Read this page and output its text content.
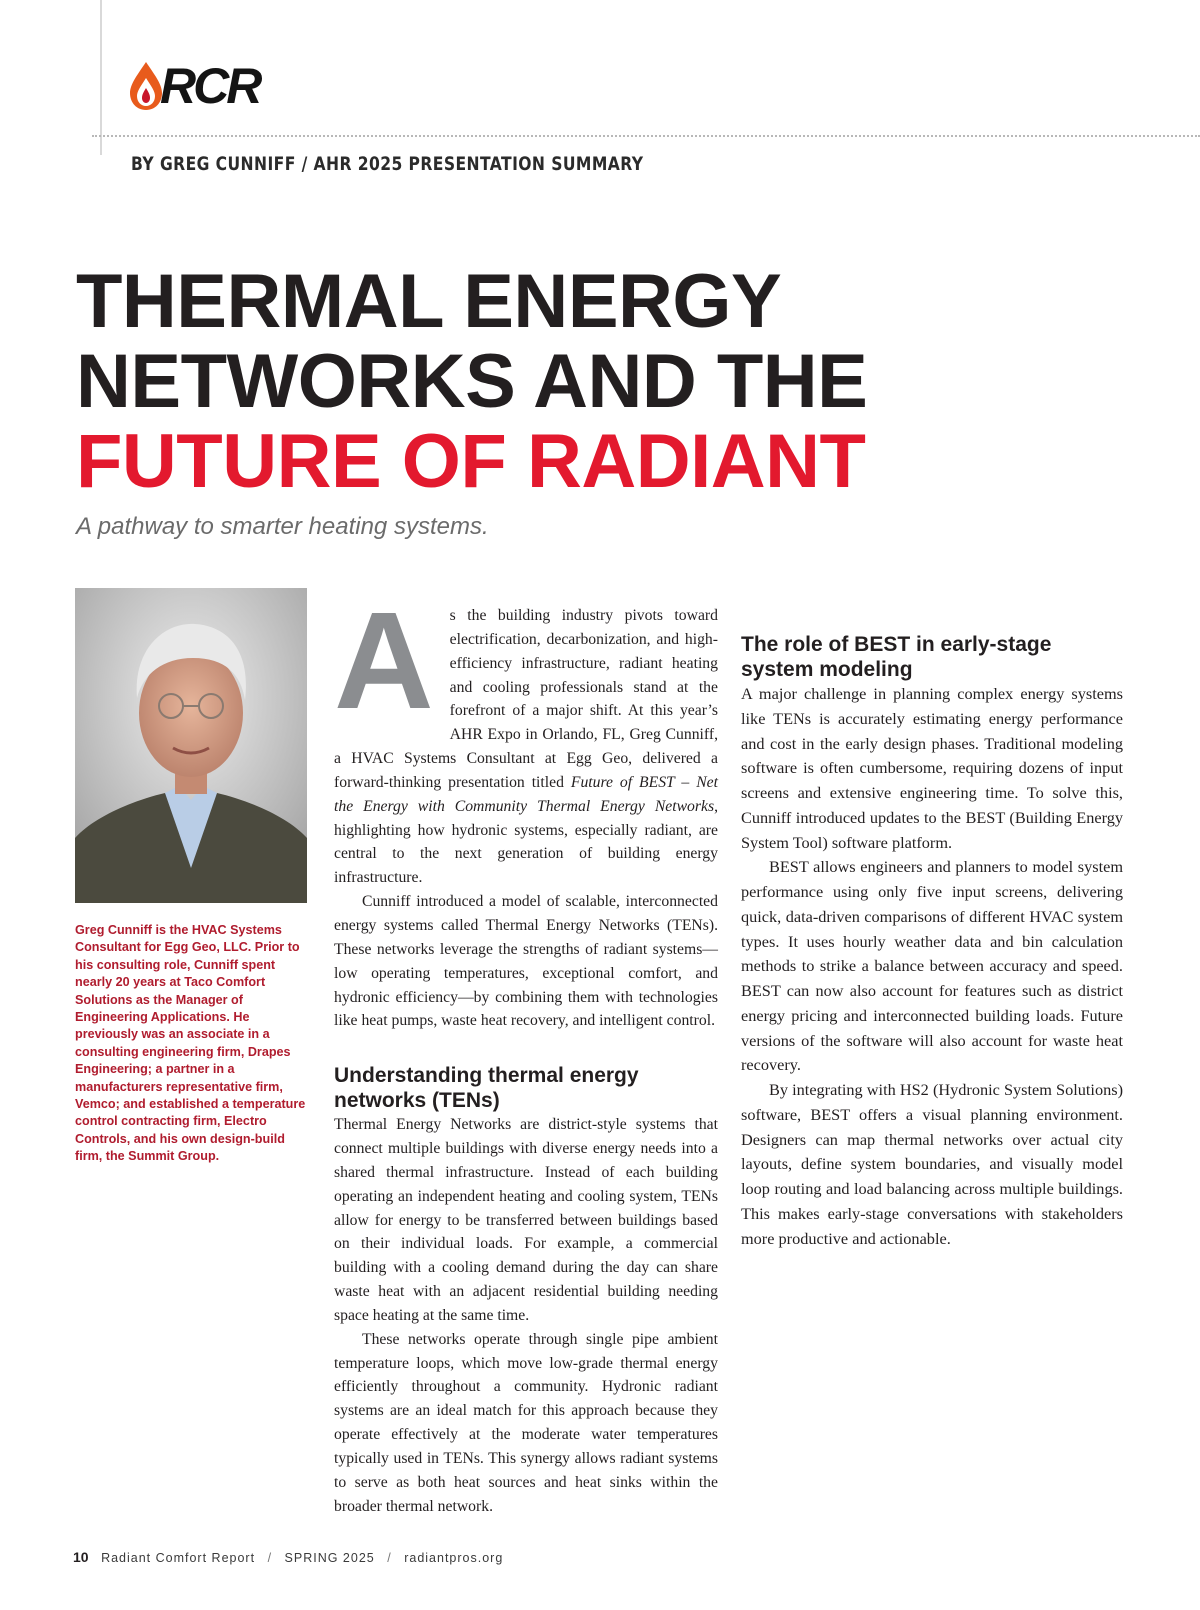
RCR
BY GREG CUNNIFF / AHR 2025 PRESENTATION SUMMARY
THERMAL ENERGY
NETWORKS AND THE
FUTURE OF RADIANT
A pathway to smarter heating systems.
Greg Cunniff is the HVAC Systems Consultant for Egg Geo, LLC. Prior to his consulting role, Cunniff spent nearly 20 years at Taco Comfort Solutions as the Manager of Engineering Applications. He previously was an associate in a consulting engineering firm, Drapes Engineering; a partner in a manufacturers representative firm, Vemco; and established a temperature control contracting firm, Electro Controls, and his own design-build firm, the Summit Group.

A s the building industry pivots toward electrification, decarbonization, and high-efficiency infrastructure, radiant heating and cooling professionals stand at the forefront of a major shift. At this year’s AHR Expo in Orlando, FL, Greg Cunniff, a HVAC Systems Consultant at Egg Geo, delivered a forward-thinking presentation titled Future of BEST – Net the Energy with Community Thermal Energy Networks, highlighting how hydronic systems, especially radiant, are central to the next generation of building energy infrastructure.

Cunniff introduced a model of scalable, interconnected energy systems called Thermal Energy Networks (TENs). These networks leverage the strengths of radiant systems—low operating temperatures, exceptional comfort, and hydronic efficiency—by combining them with technologies like heat pumps, waste heat recovery, and intelligent control.

Understanding thermal energy networks (TENs)

Thermal Energy Networks are district-style systems that connect multiple buildings with diverse energy needs into a shared thermal infrastructure. Instead of each building operating an independent heating and cooling system, TENs allow for energy to be transferred between buildings based on their individual loads. For example, a commercial building with a cooling demand during the day can share waste heat with an adjacent residential building needing space heating at the same time.

These networks operate through single pipe ambient temperature loops, which move low-grade thermal energy efficiently throughout a community. Hydronic radiant systems are an ideal match for this approach because they operate effectively at the moderate water temperatures typically used in TENs. This synergy allows radiant systems to serve as both heat sources and heat sinks within the broader thermal network.

The role of BEST in early-stage system modeling

A major challenge in planning complex energy systems like TENs is accurately estimating energy performance and cost in the early design phases. Traditional modeling software is often cumbersome, requiring dozens of input screens and extensive engineering time. To solve this, Cunniff introduced updates to the BEST (Building Energy System Tool) software platform.

BEST allows engineers and planners to model system performance using only five input screens, delivering quick, data-driven comparisons of different HVAC system types. It uses hourly weather data and bin calculation methods to strike a balance between accuracy and speed. BEST can now also account for features such as district energy pricing and interconnected building loads. Future versions of the software will also account for waste heat recovery.

By integrating with HS2 (Hydronic System Solutions) software, BEST offers a visual planning environment. Designers can map thermal networks over actual city layouts, define system boundaries, and visually model loop routing and load balancing across multiple buildings. This makes early-stage conversations with stakeholders more productive and actionable.

10 Radiant Comfort Report / SPRING 2025 / radiantpros.org
